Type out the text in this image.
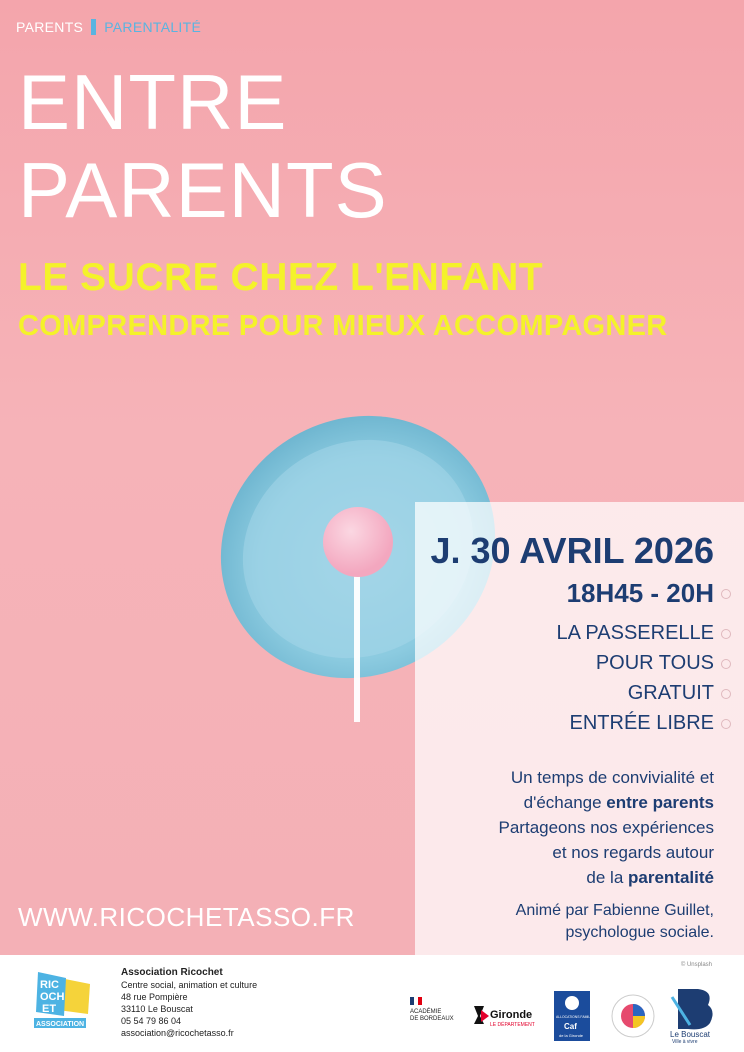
PARENTS PARENTALITÉ
ENTRE
PARENTS
LE SUCRE CHEZ L'ENFANT
COMPRENDRE POUR MIEUX ACCOMPAGNER
J. 30 AVRIL 2026
18H45 - 20H
LA PASSERELLE
POUR TOUS
GRATUIT
ENTRÉE LIBRE
Un temps de convivialité et
d'échange entre parents
Partageons nos expériences
et nos regards autour
de la parentalité
Animé par Fabienne Guillet,
psychologue sociale.
WWW.RICOCHETASSO.FR
© Unsplash
RIC
OCH
ET
ASSOCIATION
Association Ricochet
Centre social, animation et culture
48 rue Pompière
33110 Le Bouscat
05 54 79 86 04
association@ricochetasso.fr
ACADÉMIE
DE BORDEAUX	Gironde
LE DÉPARTEMENT
ALLOCATIONS FAMILIALES
Caf
de la Gironde	Le Bouscat
Ville à vivre
